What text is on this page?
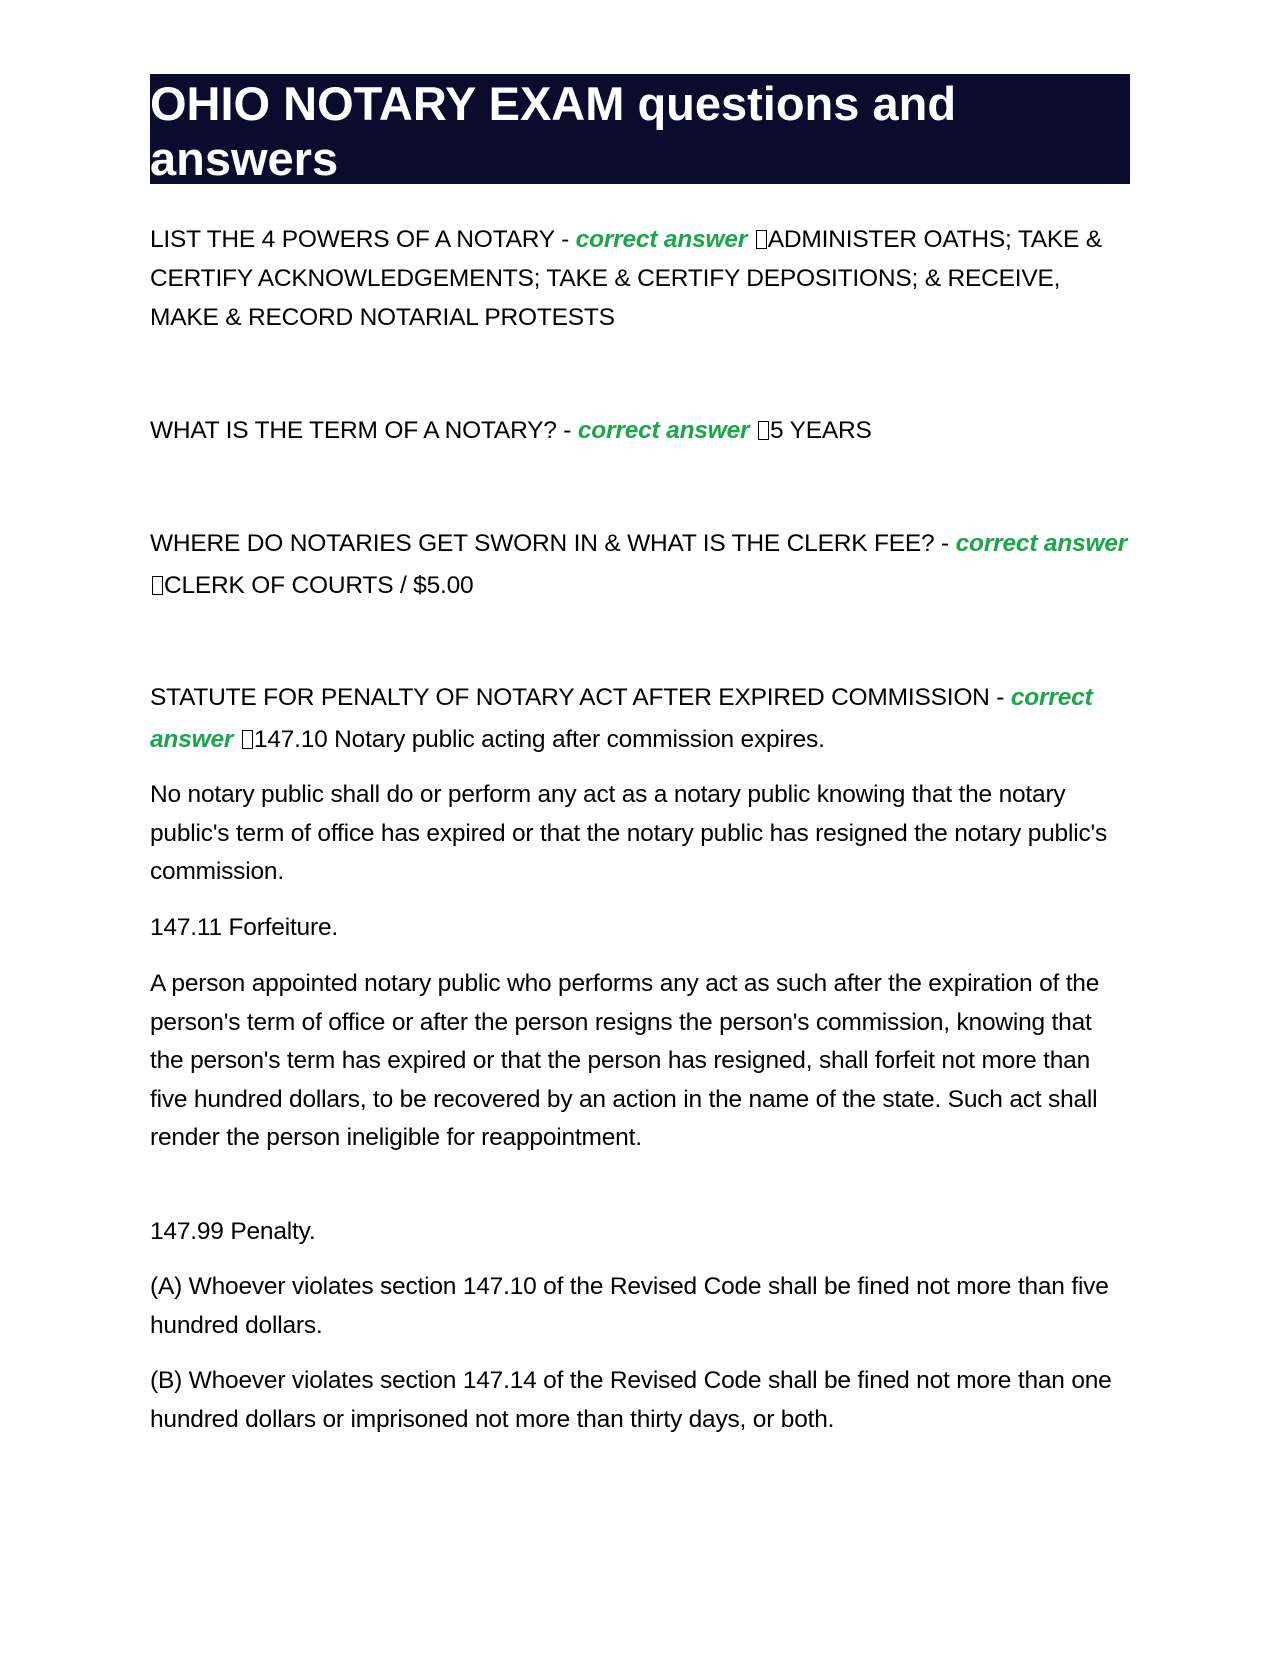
OHIO NOTARY EXAM questions and answers
LIST THE 4 POWERS OF A NOTARY - correct answer ADMINISTER OATHS; TAKE & CERTIFY ACKNOWLEDGEMENTS; TAKE & CERTIFY DEPOSITIONS; & RECEIVE, MAKE & RECORD NOTARIAL PROTESTS
WHAT IS THE TERM OF A NOTARY? - correct answer 5 YEARS
WHERE DO NOTARIES GET SWORN IN & WHAT IS THE CLERK FEE? - correct answer CLERK OF COURTS / $5.00
STATUTE FOR PENALTY OF NOTARY ACT AFTER EXPIRED COMMISSION - correct answer 147.10 Notary public acting after commission expires.

No notary public shall do or perform any act as a notary public knowing that the notary public's term of office has expired or that the notary public has resigned the notary public's commission.

147.11 Forfeiture.

A person appointed notary public who performs any act as such after the expiration of the person's term of office or after the person resigns the person's commission, knowing that the person's term has expired or that the person has resigned, shall forfeit not more than five hundred dollars, to be recovered by an action in the name of the state. Such act shall render the person ineligible for reappointment.

147.99 Penalty.

(A) Whoever violates section 147.10 of the Revised Code shall be fined not more than five hundred dollars.

(B) Whoever violates section 147.14 of the Revised Code shall be fined not more than one hundred dollars or imprisoned not more than thirty days, or both.
